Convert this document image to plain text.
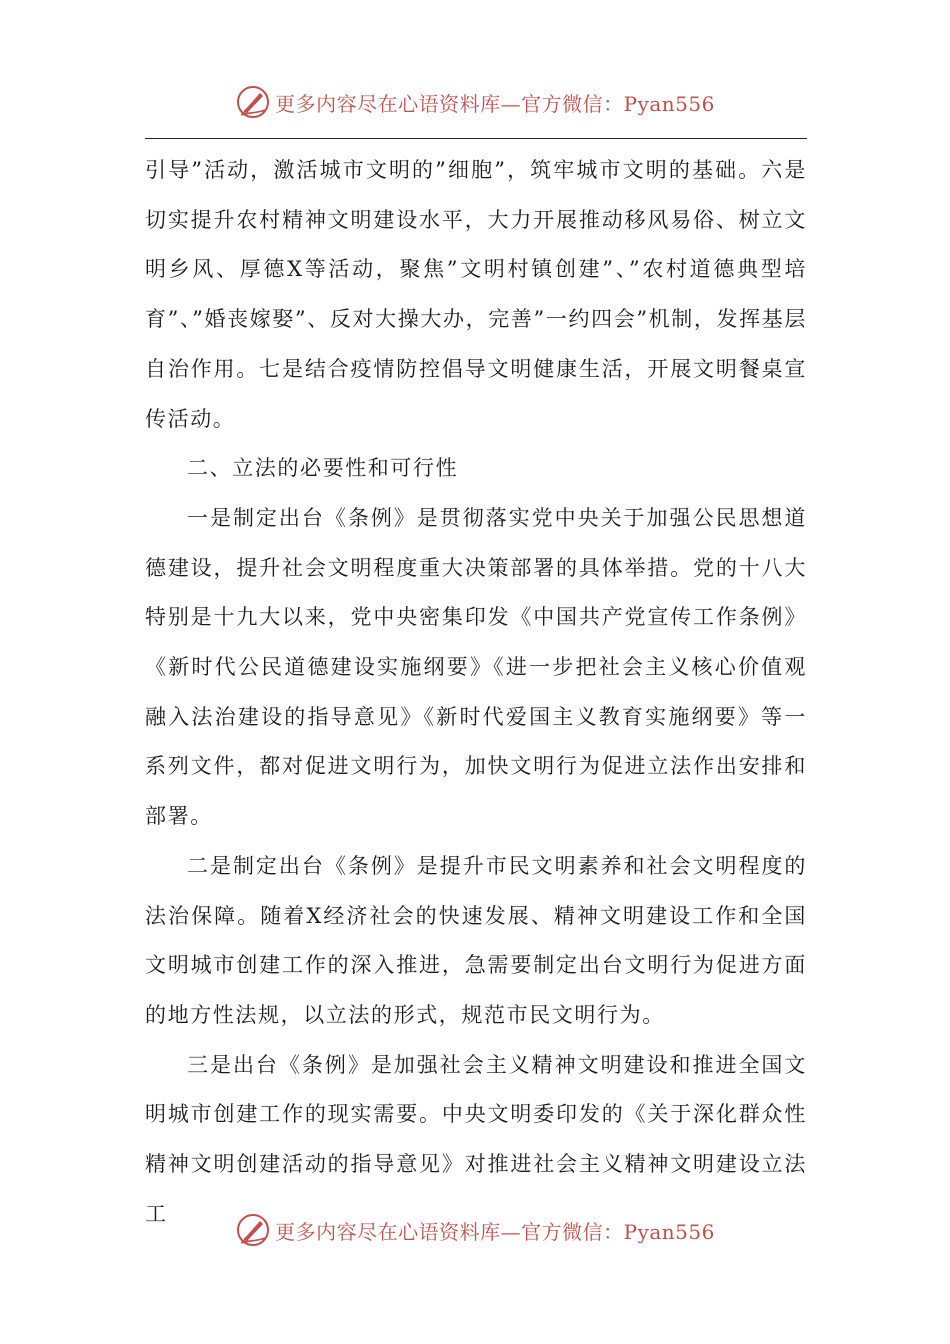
更多内容尽在心语资料库—官方微信：Pyan556

引导”活动，激活城市文明的”细胞”，筑牢城市文明的基础。六是切实提升农村精神文明建设水平，大力开展推动移风易俗、树立文明乡风、厚德X等活动，聚焦”文明村镇创建”、”农村道德典型培育”、”婚丧嫁娶”、反对大操大办，完善”一约四会”机制，发挥基层自治作用。七是结合疫情防控倡导文明健康生活，开展文明餐桌宣传活动。

二、立法的必要性和可行性

一是制定出台《条例》是贯彻落实党中央关于加强公民思想道德建设，提升社会文明程度重大决策部署的具体举措。党的十八大特别是十九大以来，党中央密集印发《中国共产党宣传工作条例》《新时代公民道德建设实施纲要》《进一步把社会主义核心价值观融入法治建设的指导意见》《新时代爱国主义教育实施纲要》等一系列文件，都对促进文明行为，加快文明行为促进立法作出安排和部署。

二是制定出台《条例》是提升市民文明素养和社会文明程度的法治保障。随着X经济社会的快速发展、精神文明建设工作和全国文明城市创建工作的深入推进，急需要制定出台文明行为促进方面的地方性法规，以立法的形式，规范市民文明行为。

三是出台《条例》是加强社会主义精神文明建设和推进全国文明城市创建工作的现实需要。中央文明委印发的《关于深化群众性精神文明创建活动的指导意见》对推进社会主义精神文明建设立法工

更多内容尽在心语资料库—官方微信：Pyan556
